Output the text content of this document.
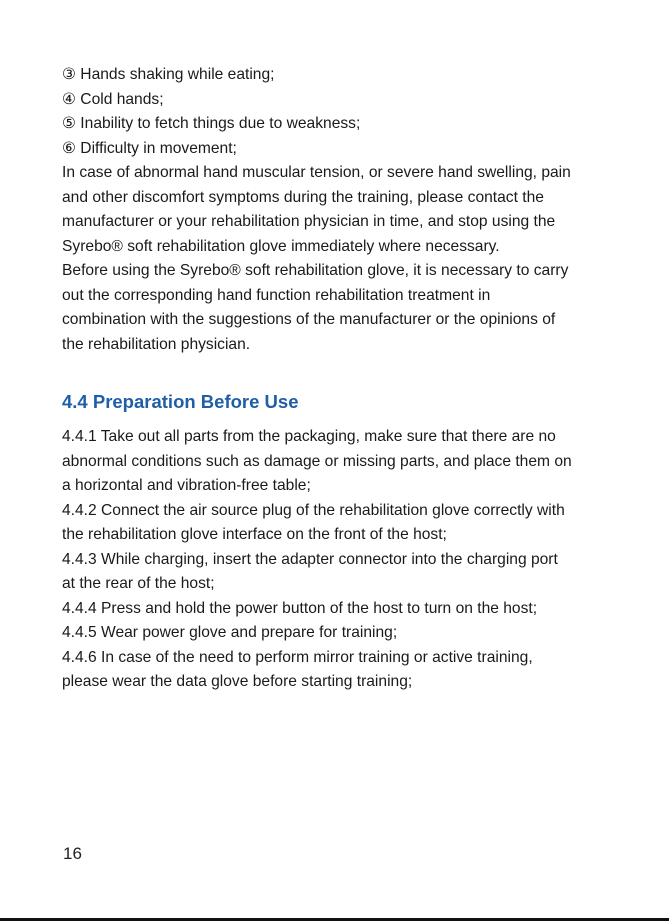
③ Hands shaking while eating;

④ Cold hands;

⑤ Inability to fetch things due to weakness;

⑥ Difficulty in movement;

In case of abnormal hand muscular tension, or severe hand swelling, pain

and other discomfort symptoms during the training, please contact the

manufacturer or your rehabilitation physician in time, and stop using the

Syrebo® soft rehabilitation glove immediately where necessary.

Before using the Syrebo® soft rehabilitation glove, it is necessary to carry

out the corresponding hand function rehabilitation treatment in

combination with the suggestions of the manufacturer or the opinions of

the rehabilitation physician.

4.4 Preparation Before Use

4.4.1 Take out all parts from the packaging, make sure that there are no

abnormal conditions such as damage or missing parts, and place them on

a horizontal and vibration-free table;

4.4.2 Connect the air source plug of the rehabilitation glove correctly with

the rehabilitation glove interface on the front of the host;

4.4.3 While charging, insert the adapter connector into the charging port

at the rear of the host;

4.4.4 Press and hold the power button of the host to turn on the host;

4.4.5 Wear power glove and prepare for training;

4.4.6 In case of the need to perform mirror training or active training,

please wear the data glove before starting training;

16
